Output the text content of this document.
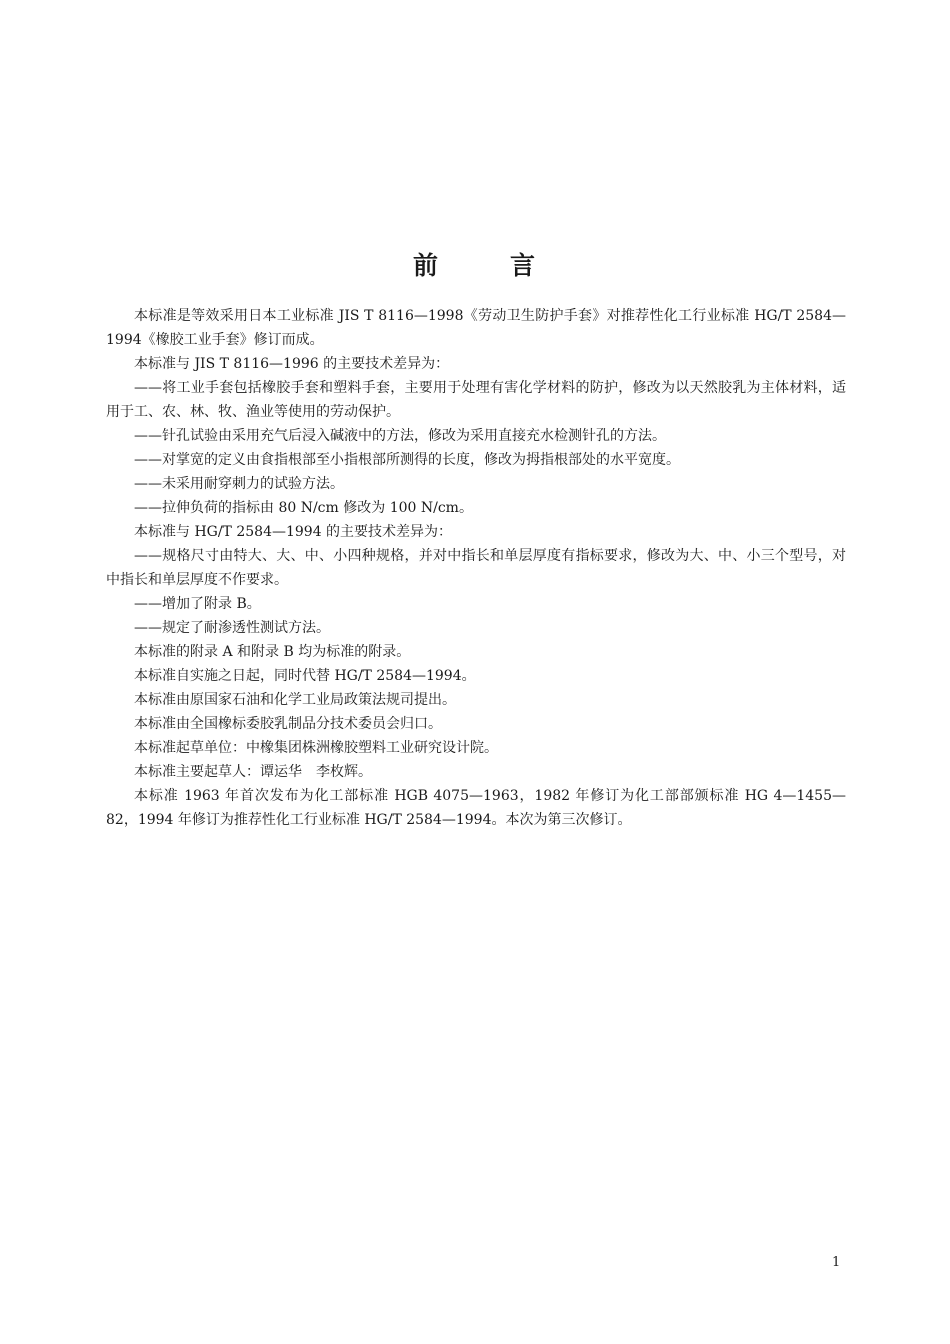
前	言

本标准是等效采用日本工业标准 JIS T 8116—1998《劳动卫生防护手套》对推荐性化工行业标准 HG/T 2584—1994《橡胶工业手套》修订而成。

本标准与 JIS T 8116—1996 的主要技术差异为：

——将工业手套包括橡胶手套和塑料手套，主要用于处理有害化学材料的防护，修改为以天然胶乳为主体材料，适用于工、农、林、牧、渔业等使用的劳动保护。

——针孔试验由采用充气后浸入碱液中的方法，修改为采用直接充水检测针孔的方法。

——对掌宽的定义由食指根部至小指根部所测得的长度，修改为拇指根部处的水平宽度。

——未采用耐穿刺力的试验方法。

——拉伸负荷的指标由 80 N/cm 修改为 100 N/cm。

本标准与 HG/T 2584—1994 的主要技术差异为：

——规格尺寸由特大、大、中、小四种规格，并对中指长和单层厚度有指标要求，修改为大、中、小三个型号，对中指长和单层厚度不作要求。

——增加了附录 B。

——规定了耐渗透性测试方法。

本标准的附录 A 和附录 B 均为标准的附录。

本标准自实施之日起，同时代替 HG/T 2584—1994。

本标准由原国家石油和化学工业局政策法规司提出。

本标准由全国橡标委胶乳制品分技术委员会归口。

本标准起草单位：中橡集团株洲橡胶塑料工业研究设计院。

本标准主要起草人：谭运华　李枚辉。

本标准 1963 年首次发布为化工部标准 HGB 4075—1963，1982 年修订为化工部部颁标准 HG 4—1455—82，1994 年修订为推荐性化工行业标准 HG/T 2584—1994。本次为第三次修订。

1
